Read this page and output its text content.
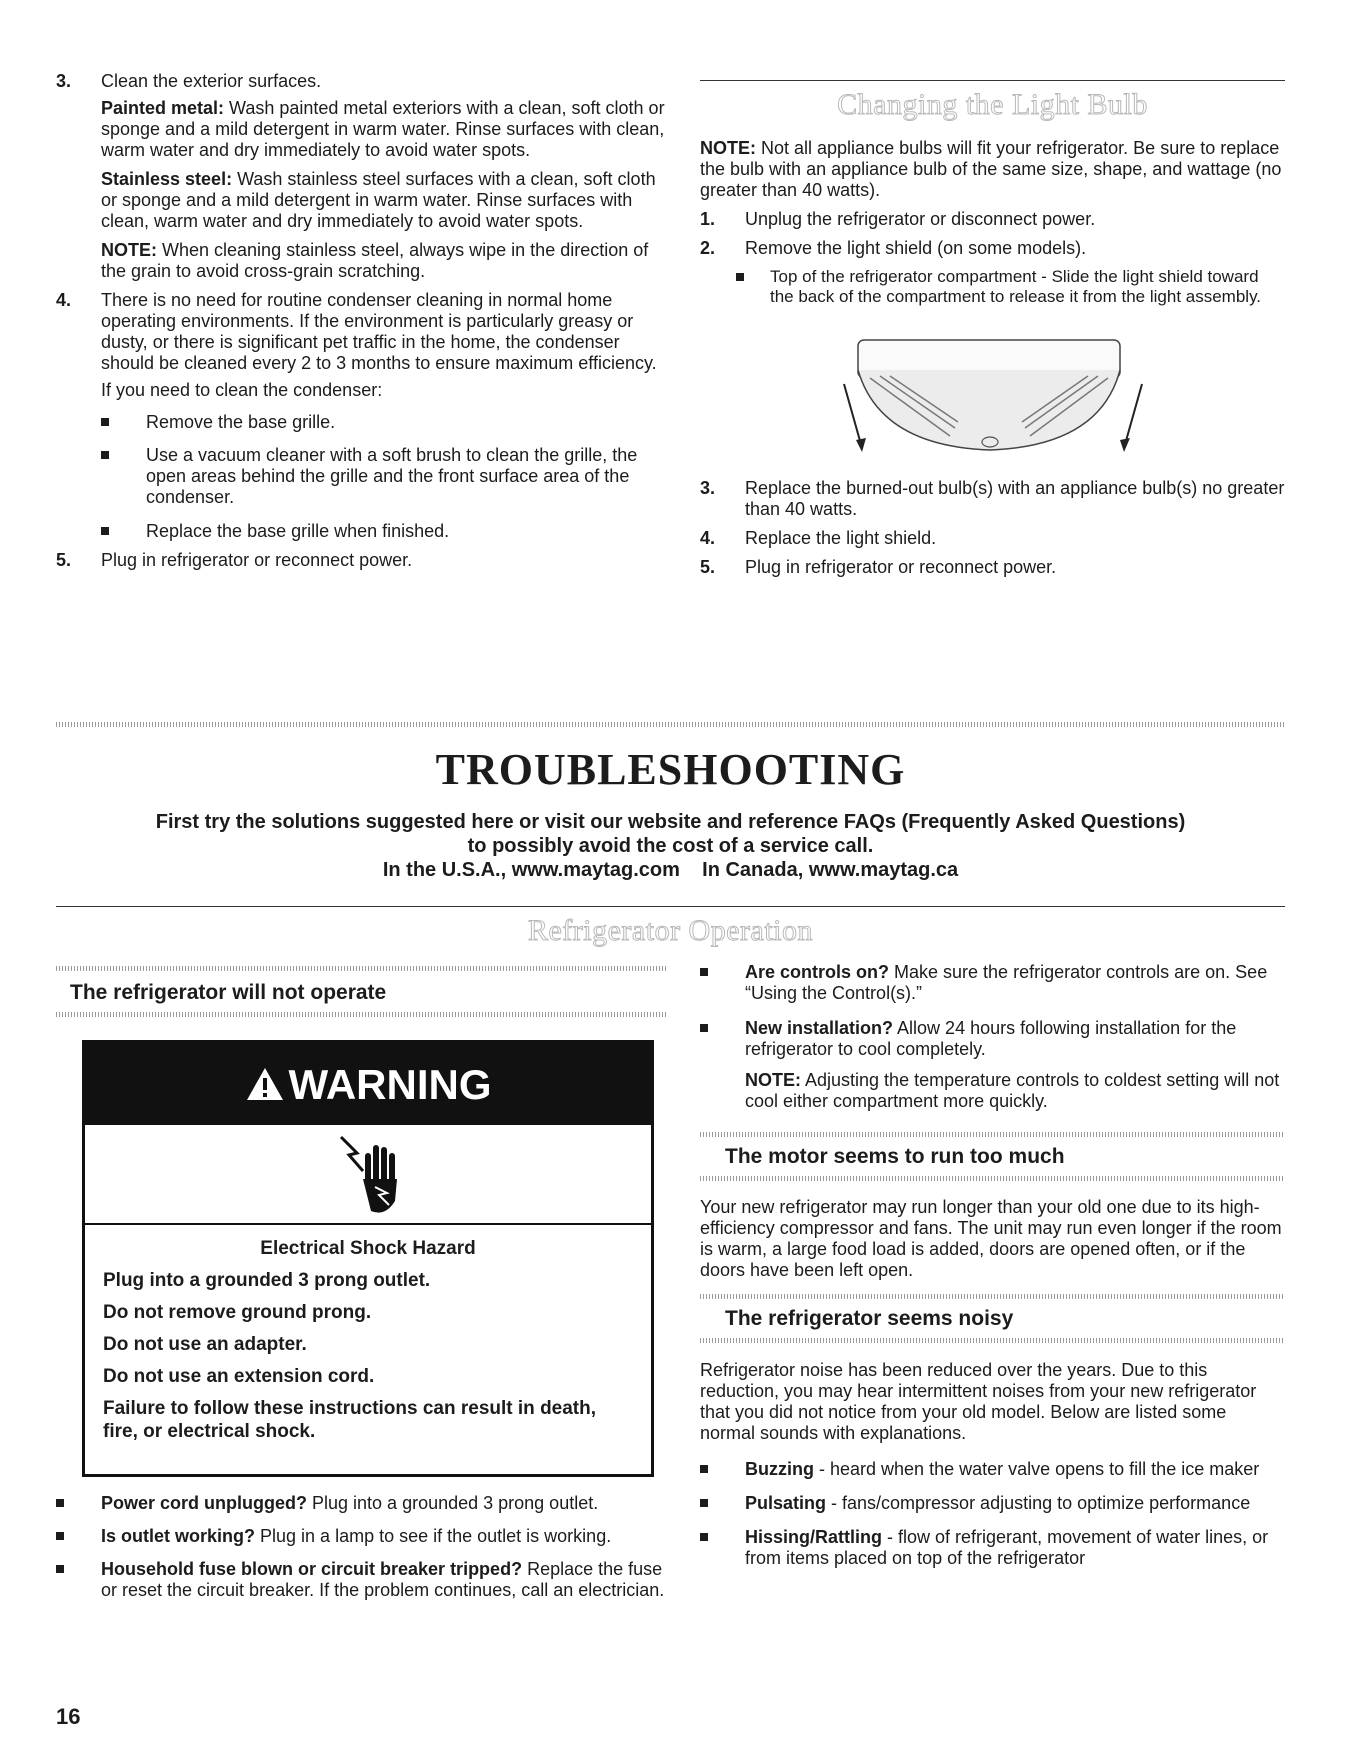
3. Clean the exterior surfaces.

Painted metal: Wash painted metal exteriors with a clean, soft cloth or sponge and a mild detergent in warm water. Rinse surfaces with clean, warm water and dry immediately to avoid water spots.

Stainless steel: Wash stainless steel surfaces with a clean, soft cloth or sponge and a mild detergent in warm water. Rinse surfaces with clean, warm water and dry immediately to avoid water spots.

NOTE: When cleaning stainless steel, always wipe in the direction of the grain to avoid cross-grain scratching.

4. There is no need for routine condenser cleaning in normal home operating environments. If the environment is particularly greasy or dusty, or there is significant pet traffic in the home, the condenser should be cleaned every 2 to 3 months to ensure maximum efficiency.

If you need to clean the condenser:

Remove the base grille.
Use a vacuum cleaner with a soft brush to clean the grille, the open areas behind the grille and the front surface area of the condenser.
Replace the base grille when finished.
5. Plug in refrigerator or reconnect power.

Changing the Light Bulb

NOTE: Not all appliance bulbs will fit your refrigerator. Be sure to replace the bulb with an appliance bulb of the same size, shape, and wattage (no greater than 40 watts).

1. Unplug the refrigerator or disconnect power.

2. Remove the light shield (on some models).

Top of the refrigerator compartment - Slide the light shield toward the back of the compartment to release it from the light assembly.
3. Replace the burned-out bulb(s) with an appliance bulb(s) no greater than 40 watts.

4. Replace the light shield.

5. Plug in refrigerator or reconnect power.

TROUBLESHOOTING

First try the solutions suggested here or visit our website and reference FAQs (Frequently Asked Questions)

to possibly avoid the cost of a service call.

In the U.S.A., www.maytag.com    In Canada, www.maytag.ca

Refrigerator Operation
The refrigerator will not operate
WARNING

Electrical Shock Hazard

Plug into a grounded 3 prong outlet.

Do not remove ground prong.

Do not use an adapter.

Do not use an extension cord.

Failure to follow these instructions can result in death, fire, or electrical shock.

Power cord unplugged? Plug into a grounded 3 prong outlet.
Is outlet working? Plug in a lamp to see if the outlet is working.
Household fuse blown or circuit breaker tripped? Replace the fuse or reset the circuit breaker. If the problem continues, call an electrician.
Are controls on? Make sure the refrigerator controls are on. See “Using the Control(s).”
New installation? Allow 24 hours following installation for the refrigerator to cool completely.

NOTE: Adjusting the temperature controls to coldest setting will not cool either compartment more quickly.

The motor seems to run too much

Your new refrigerator may run longer than your old one due to its high-efficiency compressor and fans. The unit may run even longer if the room is warm, a large food load is added, doors are opened often, or if the doors have been left open.

The refrigerator seems noisy

Refrigerator noise has been reduced over the years. Due to this reduction, you may hear intermittent noises from your new refrigerator that you did not notice from your old model. Below are listed some normal sounds with explanations.

Buzzing - heard when the water valve opens to fill the ice maker
Pulsating - fans/compressor adjusting to optimize performance
Hissing/Rattling - flow of refrigerant, movement of water lines, or from items placed on top of the refrigerator
16
